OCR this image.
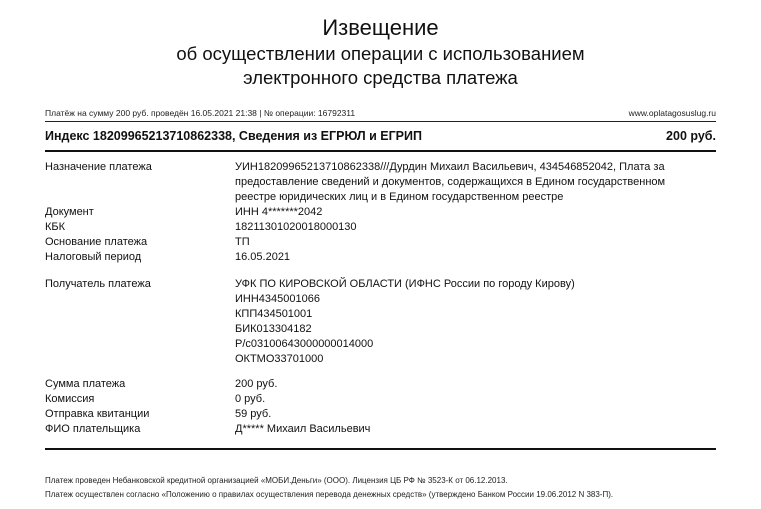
Извещение
об осуществлении операции с использованием
электронного средства платежа
Платёж на сумму 200 руб. проведён 16.05.2021 21:38 | № операции: 16792311	www.oplatagosuslug.ru
Индекс 18209965213710862338, Сведения из ЕГРЮЛ и ЕГРИП	200 руб.
Назначение платежа	УИН18209965213710862338///Дурдин Михаил Васильевич, 434546852042, Плата за
предоставление сведений и документов, содержащихся в Едином государственном
реестре юридических лиц и в Едином государственном реестре
Документ	ИНН 4*******2042
КБК	18211301020018000130
Основание платежа	ТП
Налоговый период	16.05.2021
Получатель платежа	УФК ПО КИРОВСКОЙ ОБЛАСТИ (ИФНС России по городу Кирову)
ИНН4345001066
КПП434501001
БИК013304182
Р/с03100643000000014000
ОКТМО33701000
Сумма платежа	200 руб.
Комиссия	0 руб.
Отправка квитанции	59 руб.
ФИО плательщика	Д***** Михаил Васильевич
Платеж проведен Небанковской кредитной организацией «МОБИ.Деньги» (ООО). Лицензия ЦБ РФ № 3523-К от 06.12.2013.
Платеж осуществлен согласно «Положению о правилах осуществления перевода денежных средств» (утверждено Банком России 19.06.2012 N 383-П).
